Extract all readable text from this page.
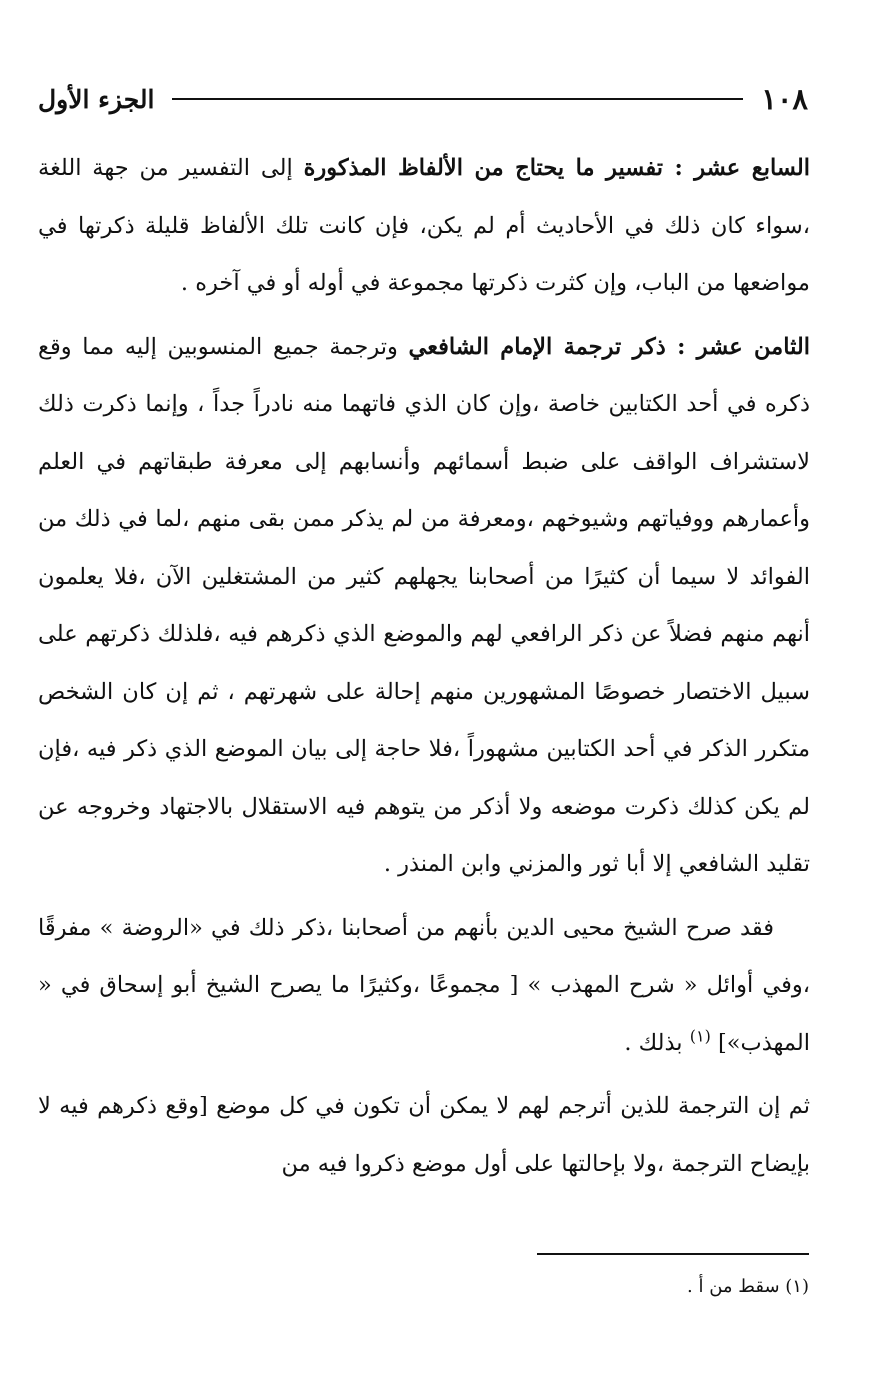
١٠٨
الجزء الأول

السابع عشر : تفسير ما يحتاج من الألفاظ المذكورة إلى التفسير من جهة اللغة ،سواء كان ذلك في الأحاديث أم لم يكن، فإن كانت تلك الألفاظ قليلة ذكرتها في مواضعها من الباب، وإن كثرت ذكرتها مجموعة في أوله أو في آخره .

الثامن عشر : ذكر ترجمة الإمام الشافعي وترجمة جميع المنسوبين إليه مما وقع ذكره في أحد الكتابين خاصة ،وإن كان الذي فاتهما منه نادراً جداً ، وإنما ذكرت ذلك لاستشراف الواقف على ضبط أسمائهم وأنسابهم إلى معرفة طبقاتهم في العلم وأعمارهم ووفياتهم وشيوخهم ،ومعرفة من لم يذكر ممن بقى منهم ،لما في ذلك من الفوائد لا سيما أن كثيرًا من أصحابنا يجهلهم كثير من المشتغلين الآن ،فلا يعلمون أنهم منهم فضلاً عن ذكر الرافعي لهم والموضع الذي ذكرهم فيه ،فلذلك ذكرتهم على سبيل الاختصار خصوصًا المشهورين منهم إحالة على شهرتهم ، ثم إن كان الشخص متكرر الذكر في أحد الكتابين مشهوراً ،فلا حاجة إلى بيان الموضع الذي ذكر فيه ،فإن لم يكن كذلك ذكرت موضعه ولا أذكر من يتوهم فيه الاستقلال بالاجتهاد وخروجه عن تقليد الشافعي إلا أبا ثور والمزني وابن المنذر .

فقد صرح الشيخ محيى الدين بأنهم من أصحابنا ،ذكر ذلك في «الروضة » مفرقًا ،وفي أوائل « شرح المهذب » [ مجموعًا ،وكثيرًا ما يصرح الشيخ أبو إسحاق في « المهذب»] $^{(١)}$ بذلك .

ثم إن الترجمة للذين أترجم لهم لا يمكن أن تكون في كل موضع [وقع ذكرهم فيه لا بإيضاح الترجمة ،ولا بإحالتها على أول موضع ذكروا فيه من

(١) سقط من أ .
